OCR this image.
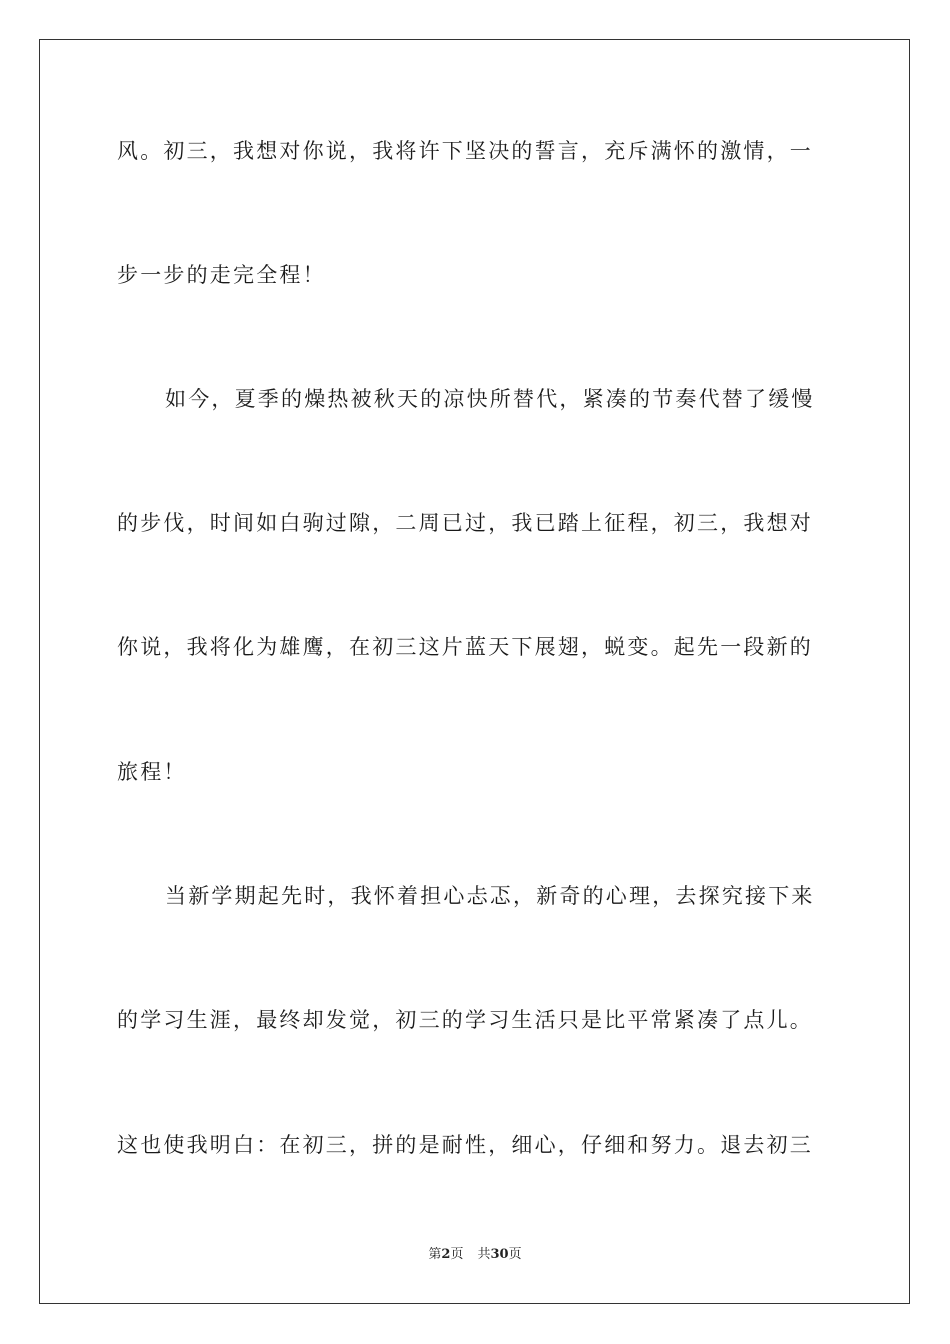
风。初三，我想对你说，我将许下坚决的誓言，充斥满怀的激情，一
步一步的走完全程！
如今，夏季的燥热被秋天的凉快所替代，紧凑的节奏代替了缓慢
的步伐，时间如白驹过隙，二周已过，我已踏上征程，初三，我想对
你说，我将化为雄鹰，在初三这片蓝天下展翅，蜕变。起先一段新的
旅程！
当新学期起先时，我怀着担心忐忑，新奇的心理，去探究接下来
的学习生涯，最终却发觉，初三的学习生活只是比平常紧凑了点儿。
这也使我明白：在初三，拼的是耐性，细心，仔细和努力。退去初三
第2页 共30页
